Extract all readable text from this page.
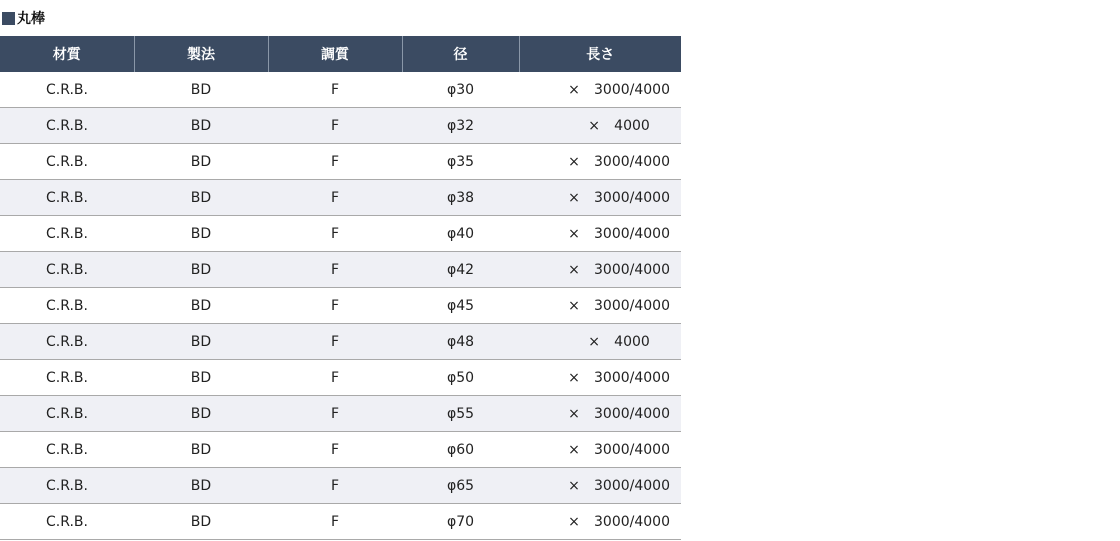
丸棒
材質	製法	調質	径	長さ
C.R.B.	BD	F	φ30	× 3000/4000
C.R.B.	BD	F	φ32	× 4000
C.R.B.	BD	F	φ35	× 3000/4000
C.R.B.	BD	F	φ38	× 3000/4000
C.R.B.	BD	F	φ40	× 3000/4000
C.R.B.	BD	F	φ42	× 3000/4000
C.R.B.	BD	F	φ45	× 3000/4000
C.R.B.	BD	F	φ48	× 4000
C.R.B.	BD	F	φ50	× 3000/4000
C.R.B.	BD	F	φ55	× 3000/4000
C.R.B.	BD	F	φ60	× 3000/4000
C.R.B.	BD	F	φ65	× 3000/4000
C.R.B.	BD	F	φ70	× 3000/4000
